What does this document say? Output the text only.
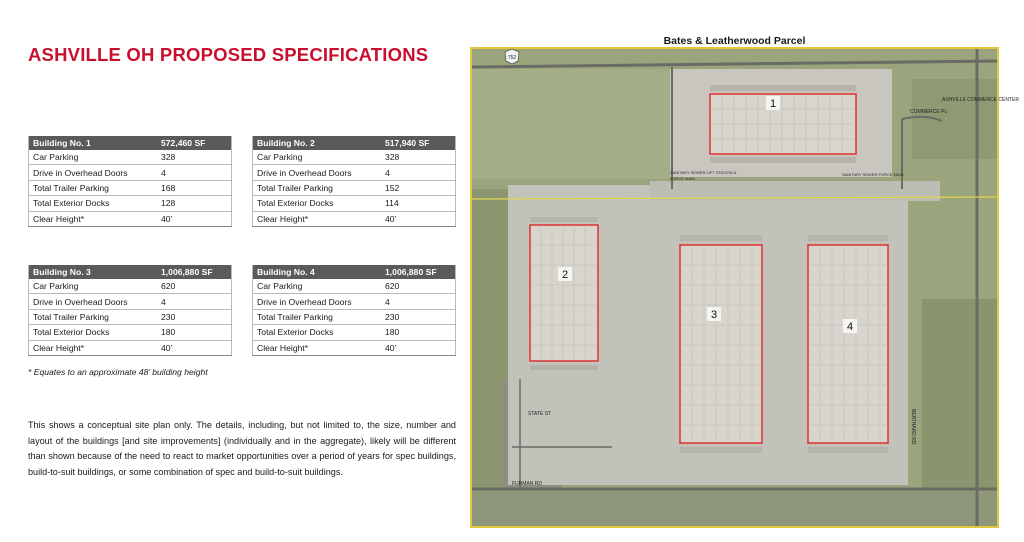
ASHVILLE OH PROPOSED SPECIFICATIONS
Building No. 1	572,460 SF
Car Parking	328
Drive in Overhead Doors	4
Total Trailer Parking	168
Total Exterior Docks	128
Clear Height*	40’
Building No. 2	517,940 SF
Car Parking	328
Drive in Overhead Doors	4
Total Trailer Parking	152
Total Exterior Docks	114
Clear Height*	40’
Building No. 3	1,006,880 SF
Car Parking	620
Drive in Overhead Doors	4
Total Trailer Parking	230
Total Exterior Docks	180
Clear Height*	40’
Building No. 4	1,006,880 SF
Car Parking	620
Drive in Overhead Doors	4
Total Trailer Parking	230
Total Exterior Docks	180
Clear Height*	40’
* Equates to an approximate 48’ building height
This shows a conceptual site plan only. The details, including, but not limited to, the size, number and layout of the buildings [and site improvements] (individually and in the aggregate), likely will be different than shown because of the need to react to market opportunities over a period of years for spec buildings, build-to-suit buildings, or some combination of spec and build-to-suit buildings.
Bates & Leatherwood Parcel
752
1
2
3
4
ASHVILLE COMMERCE CENTER
COMMERCE PL
STATE ST	BEATHARD RD
FURMAN RD
SANITARY SEWER LIFT STATION &
FORCE MAIN
SANITARY SEWER FORCE MAIN
